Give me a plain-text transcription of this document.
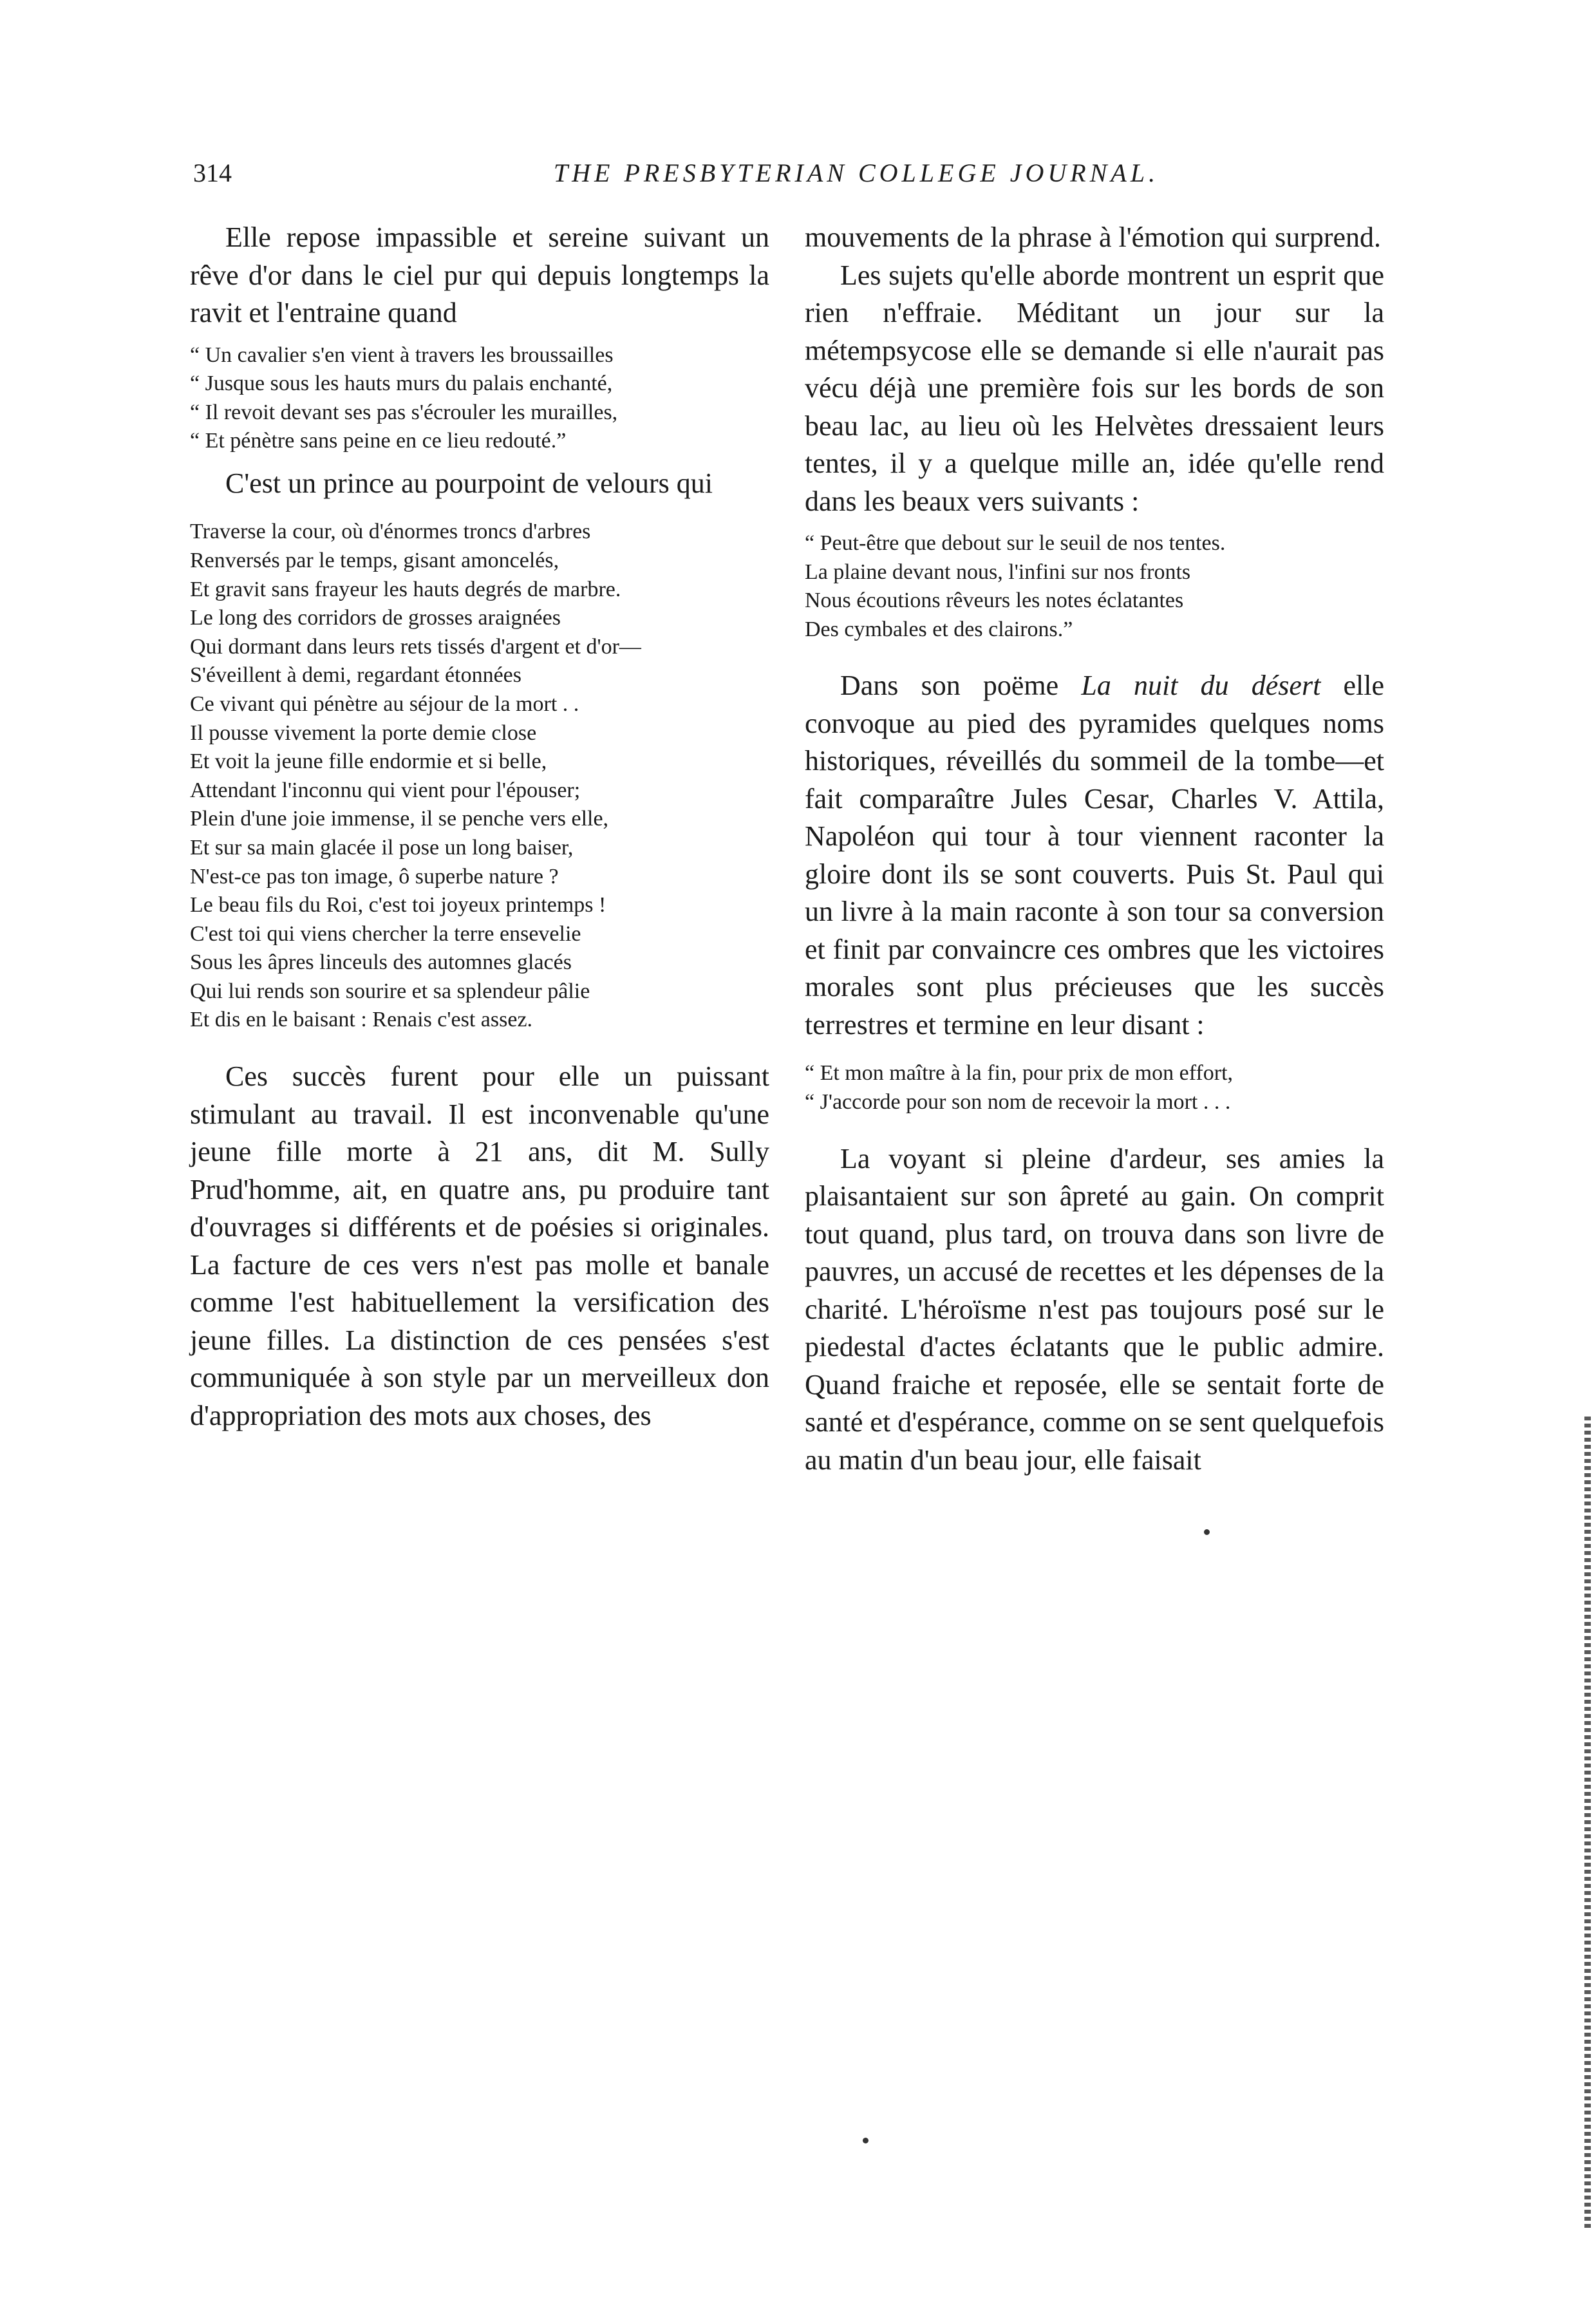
314	THE PRESBYTERIAN COLLEGE JOURNAL.

Elle repose impassible et sereine suivant un rêve d'or dans le ciel pur qui depuis longtemps la ravit et l'entraine quand

“ Un cavalier s'en vient à travers les broussailles
“ Jusque sous les hauts murs du palais enchanté,
“ Il revoit devant ses pas s'écrouler les murailles,
“ Et pénètre sans peine en ce lieu redouté.”

C'est un prince au pourpoint de velours qui

Traverse la cour, où d'énormes troncs d'arbres
Renversés par le temps, gisant amoncelés,
Et gravit sans frayeur les hauts degrés de marbre.
Le long des corridors de grosses araignées
Qui dormant dans leurs rets tissés d'argent et d'or—
S'éveillent à demi, regardant étonnées
Ce vivant qui pénètre au séjour de la mort . .
Il pousse vivement la porte demie close
Et voit la jeune fille endormie et si belle,
Attendant l'inconnu qui vient pour l'épouser;
Plein d'une joie immense, il se penche vers elle,
Et sur sa main glacée il pose un long baiser,
N'est-ce pas ton image, ô superbe nature ?
Le beau fils du Roi, c'est toi joyeux printemps !
C'est toi qui viens chercher la terre ensevelie
Sous les âpres linceuls des automnes glacés
Qui lui rends son sourire et sa splendeur pâlie
Et dis en le baisant : Renais c'est assez.

Ces succès furent pour elle un puissant stimulant au travail. Il est inconvenable qu'une jeune fille morte à 21 ans, dit M. Sully Prud'homme, ait, en quatre ans, pu produire tant d'ouvrages si différents et de poésies si originales. La facture de ces vers n'est pas molle et banale comme l'est habituellement la versification des jeune filles. La distinction de ces pensées s'est communiquée à son style par un merveilleux don d'appropriation des mots aux choses, des

mouvements de la phrase à l'émotion qui surprend.

Les sujets qu'elle aborde montrent un esprit que rien n'effraie. Méditant un jour sur la métempsycose elle se demande si elle n'aurait pas vécu déjà une première fois sur les bords de son beau lac, au lieu où les Helvètes dressaient leurs tentes, il y a quelque mille an, idée qu'elle rend dans les beaux vers suivants :

“ Peut-être que debout sur le seuil de nos tentes.
La plaine devant nous, l'infini sur nos fronts
Nous écoutions rêveurs les notes éclatantes
Des cymbales et des clairons.”

Dans son poëme La nuit du désert elle convoque au pied des pyramides quelques noms historiques, réveillés du sommeil de la tombe—et fait comparaître Jules Cesar, Charles V. Attila, Napoléon qui tour à tour viennent raconter la gloire dont ils se sont couverts. Puis St. Paul qui un livre à la main raconte à son tour sa conversion et finit par convaincre ces ombres que les victoires morales sont plus précieuses que les succès terrestres et termine en leur disant :

“ Et mon maître à la fin, pour prix de mon effort,
“ J'accorde pour son nom de recevoir la mort . . .

La voyant si pleine d'ardeur, ses amies la plaisantaient sur son âpreté au gain. On comprit tout quand, plus tard, on trouva dans son livre de pauvres, un accusé de recettes et les dépenses de la charité. L'héroïsme n'est pas toujours posé sur le piedestal d'actes éclatants que le public admire. Quand fraiche et reposée, elle se sentait forte de santé et d'espérance, comme on se sent quelquefois au matin d'un beau jour, elle faisait
